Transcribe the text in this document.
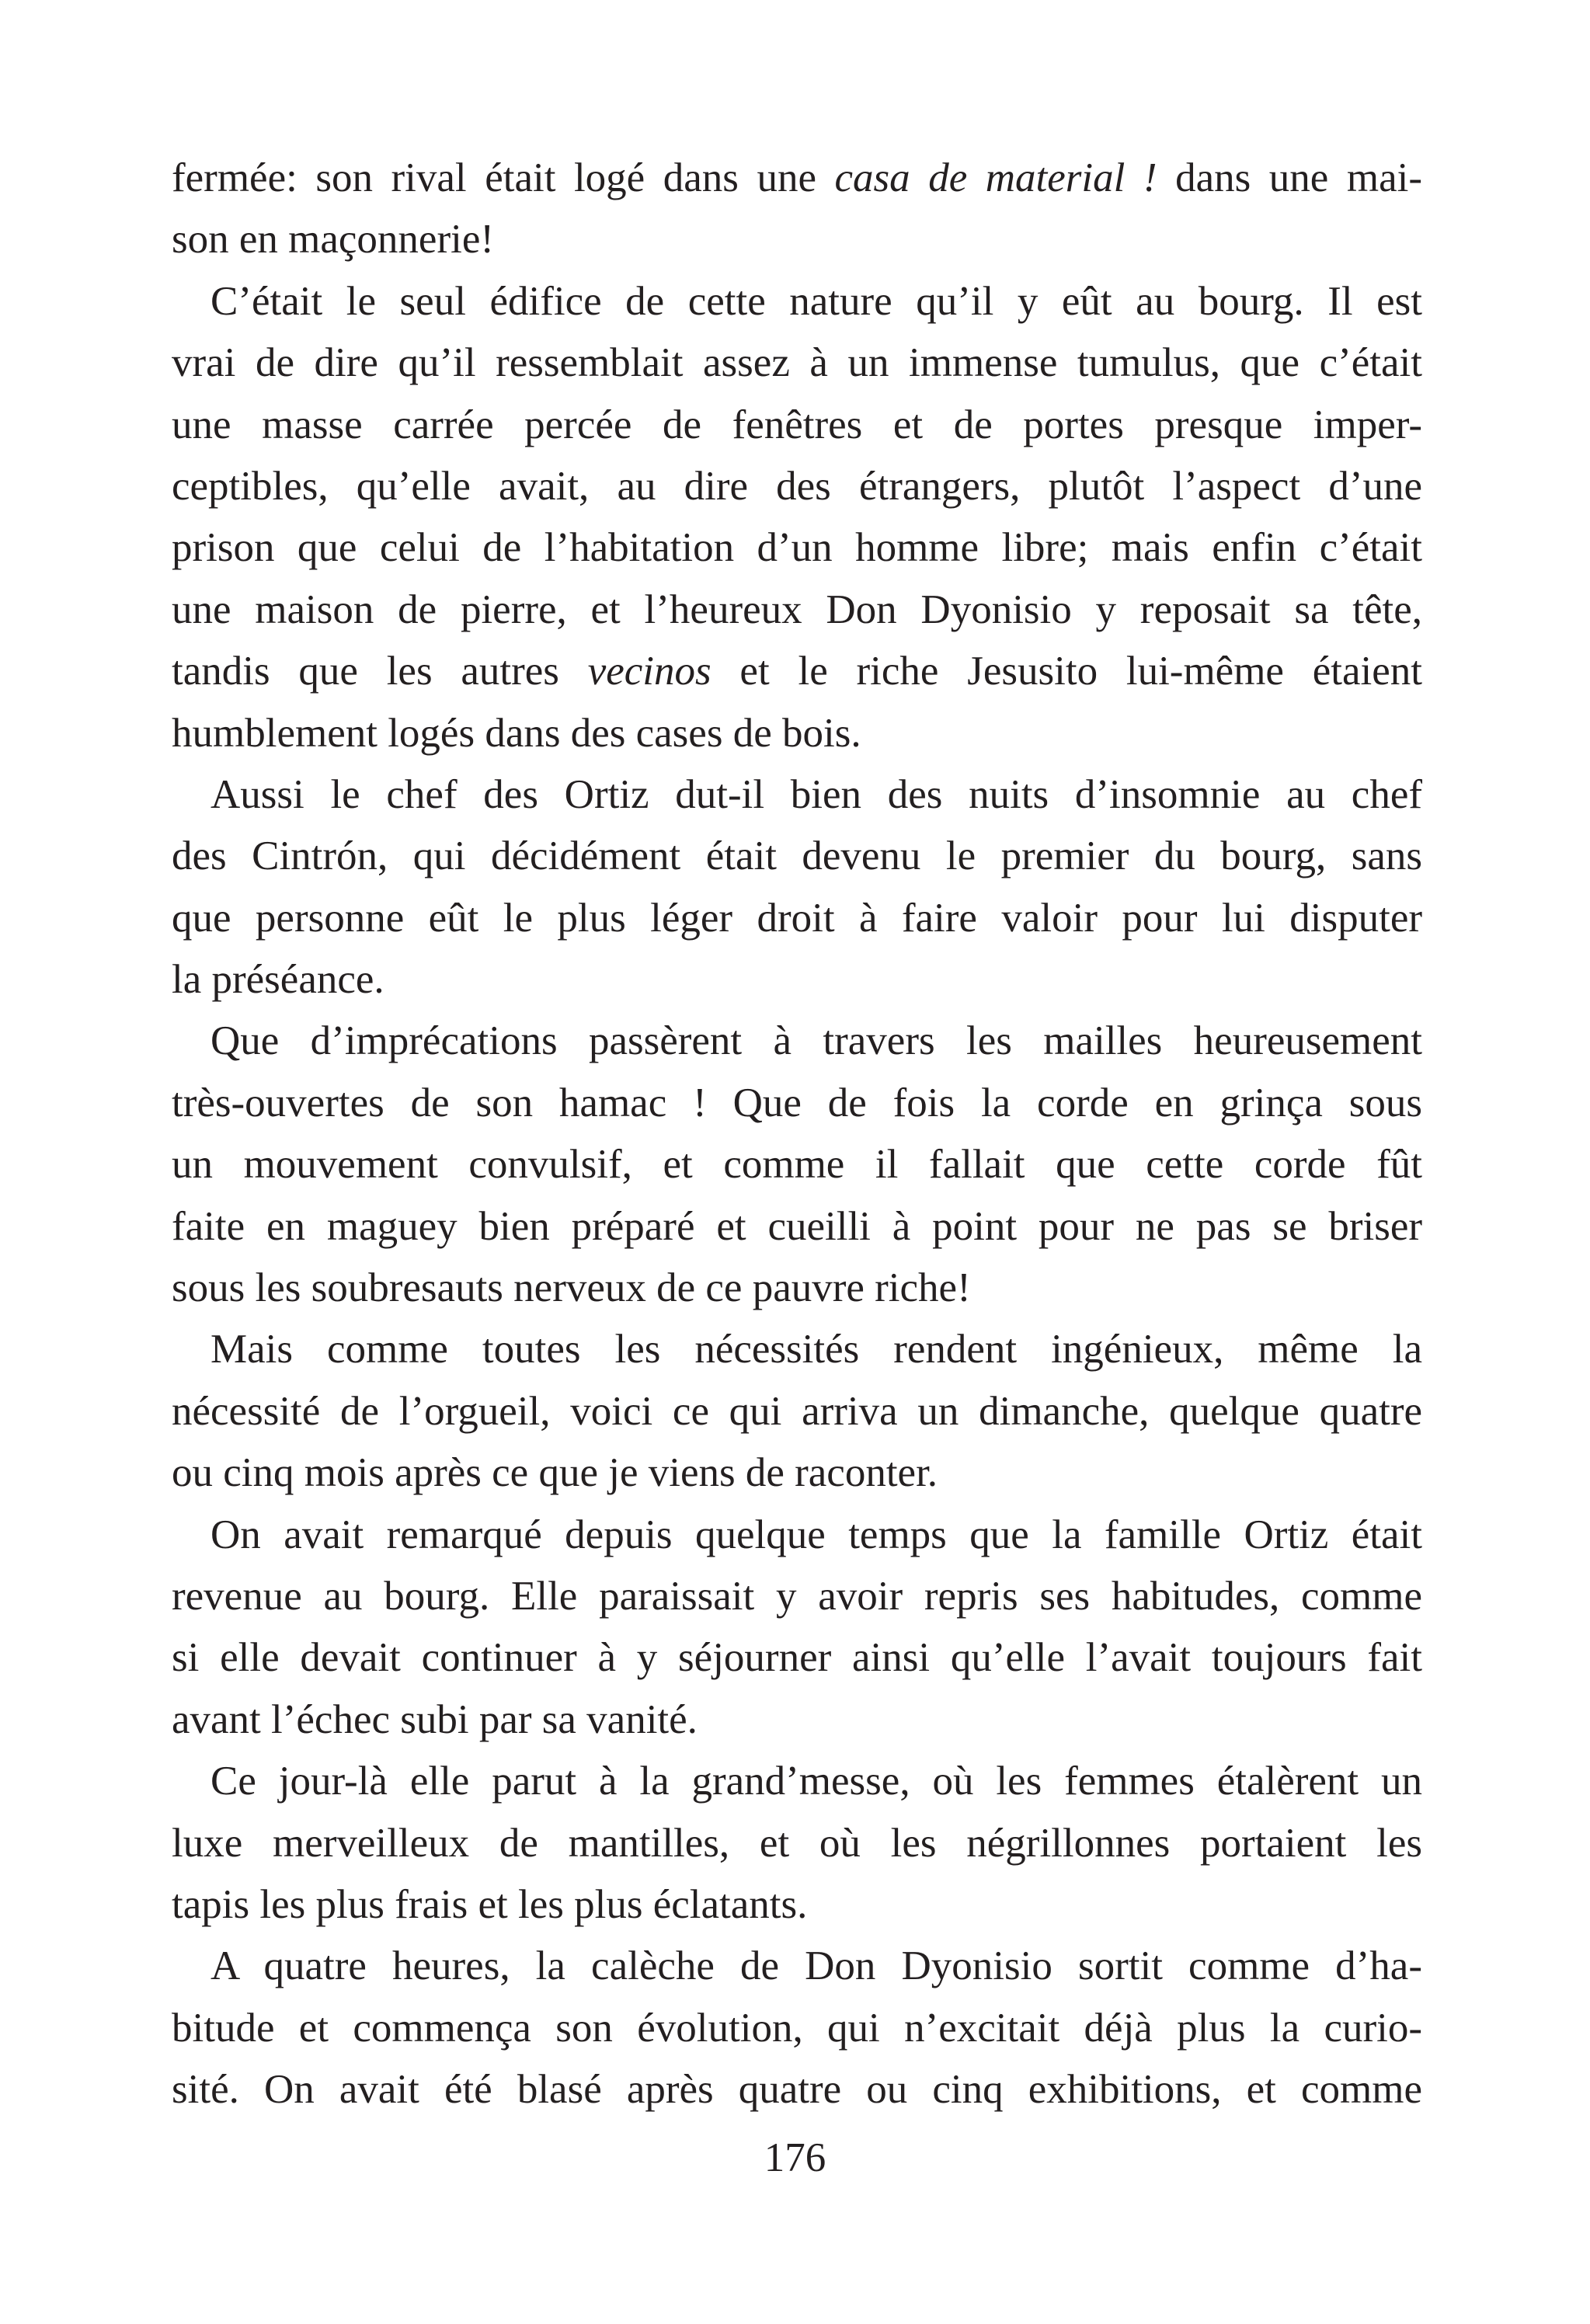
fermée: son rival était logé dans une casa de material ! dans une mai-
son en maçonnerie!
C’était le seul édifice de cette nature qu’il y eût au bourg. Il est
vrai de dire qu’il ressemblait assez à un immense tumulus, que c’était
une masse carrée percée de fenêtres et de portes presque imper-
ceptibles, qu’elle avait, au dire des étrangers, plutôt l’aspect d’une
prison que celui de l’habitation d’un homme libre; mais enfin c’était
une maison de pierre, et l’heureux Don Dyonisio y reposait sa tête,
tandis que les autres vecinos et le riche Jesusito lui-même étaient
humblement logés dans des cases de bois.
Aussi le chef des Ortiz dut-il bien des nuits d’insomnie au chef
des Cintrón, qui décidément était devenu le premier du bourg, sans
que personne eût le plus léger droit à faire valoir pour lui disputer
la préséance.
Que d’imprécations passèrent à travers les mailles heureusement
très-ouvertes de son hamac ! Que de fois la corde en grinça sous
un mouvement convulsif, et comme il fallait que cette corde fût
faite en maguey bien préparé et cueilli à point pour ne pas se briser
sous les soubresauts nerveux de ce pauvre riche!
Mais comme toutes les nécessités rendent ingénieux, même la
nécessité de l’orgueil, voici ce qui arriva un dimanche, quelque quatre
ou cinq mois après ce que je viens de raconter.
On avait remarqué depuis quelque temps que la famille Ortiz était
revenue au bourg. Elle paraissait y avoir repris ses habitudes, comme
si elle devait continuer à y séjourner ainsi qu’elle l’avait toujours fait
avant l’échec subi par sa vanité.
Ce jour-là elle parut à la grand’messe, où les femmes étalèrent un
luxe merveilleux de mantilles, et où les négrillonnes portaient les
tapis les plus frais et les plus éclatants.
A quatre heures, la calèche de Don Dyonisio sortit comme d’ha-
bitude et commença son évolution, qui n’excitait déjà plus la curio-
sité. On avait été blasé après quatre ou cinq exhibitions, et comme
176
